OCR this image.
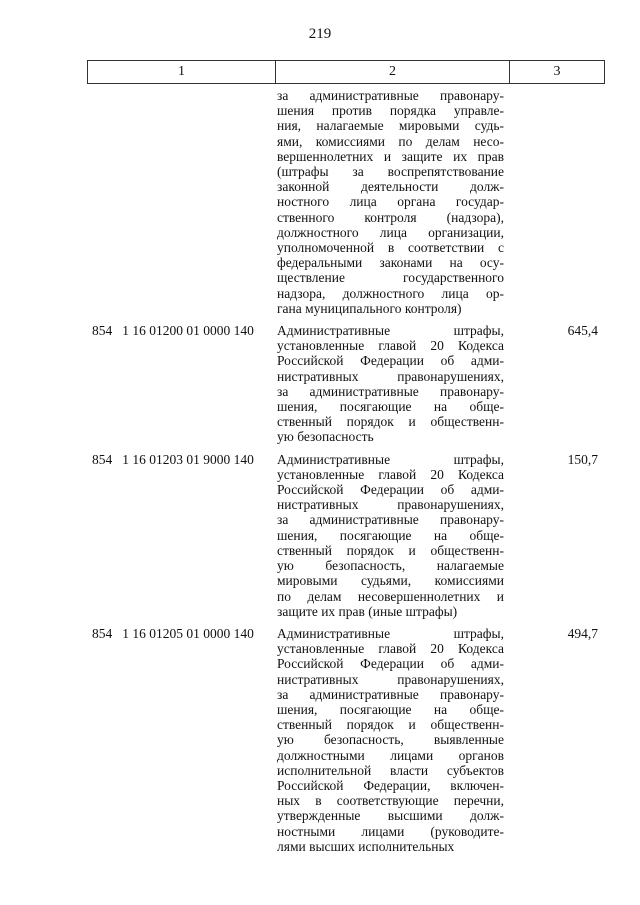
219
1	2	3
за административные правонару-
шения против порядка управле-
ния, налагаемые мировыми судь-
ями, комиссиями по делам несо-
вершеннолетних и защите их прав
(штрафы за воспрепятствование
законной деятельности долж-
ностного лица органа государ-
ственного контроля (надзора),
должностного лица организации,
уполномоченной в соответствии с
федеральными законами на осу-
ществление государственного
надзора, должностного лица ор-
гана муниципального контроля)
854 1 16 01200 01 0000 140	Административные штрафы,
установленные главой 20 Кодекса
Российской Федерации об адми-
нистративных правонарушениях,
за административные правонару-
шения, посягающие на обще-
ственный порядок и общественн-
ую безопасность
645,4
854 1 16 01203 01 9000 140	Административные штрафы,
установленные главой 20 Кодекса
Российской Федерации об адми-
нистративных правонарушениях,
за административные правонару-
шения, посягающие на обще-
ственный порядок и общественн-
ую безопасность, налагаемые
мировыми судьями, комиссиями
по делам несовершеннолетних и
защите их прав (иные штрафы)
150,7
854 1 16 01205 01 0000 140	Административные штрафы,
установленные главой 20 Кодекса
Российской Федерации об адми-
нистративных правонарушениях,
за административные правонару-
шения, посягающие на обще-
ственный порядок и общественн-
ую безопасность, выявленные
должностными лицами органов
исполнительной власти субъектов
Российской Федерации, включен-
ных в соответствующие перечни,
утвержденные высшими долж-
ностными лицами (руководите-
лями высших исполнительных
494,7
